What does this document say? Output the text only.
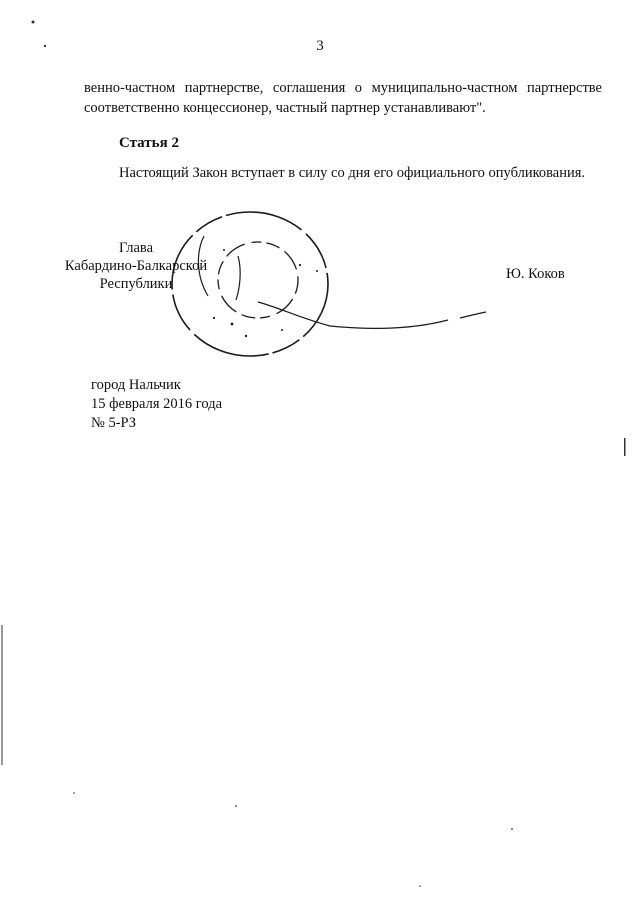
3
венно-частном партнерстве, соглашения о муниципально-частном партнерстве соответственно концессионер, частный партнер устанавливают".
Статья 2
Настоящий Закон вступает в силу со дня его официального опубликования.
Глава
Кабардино-Балкарской
Республики
Ю. Коков
город Нальчик
15 февраля 2016 года
№ 5-РЗ
